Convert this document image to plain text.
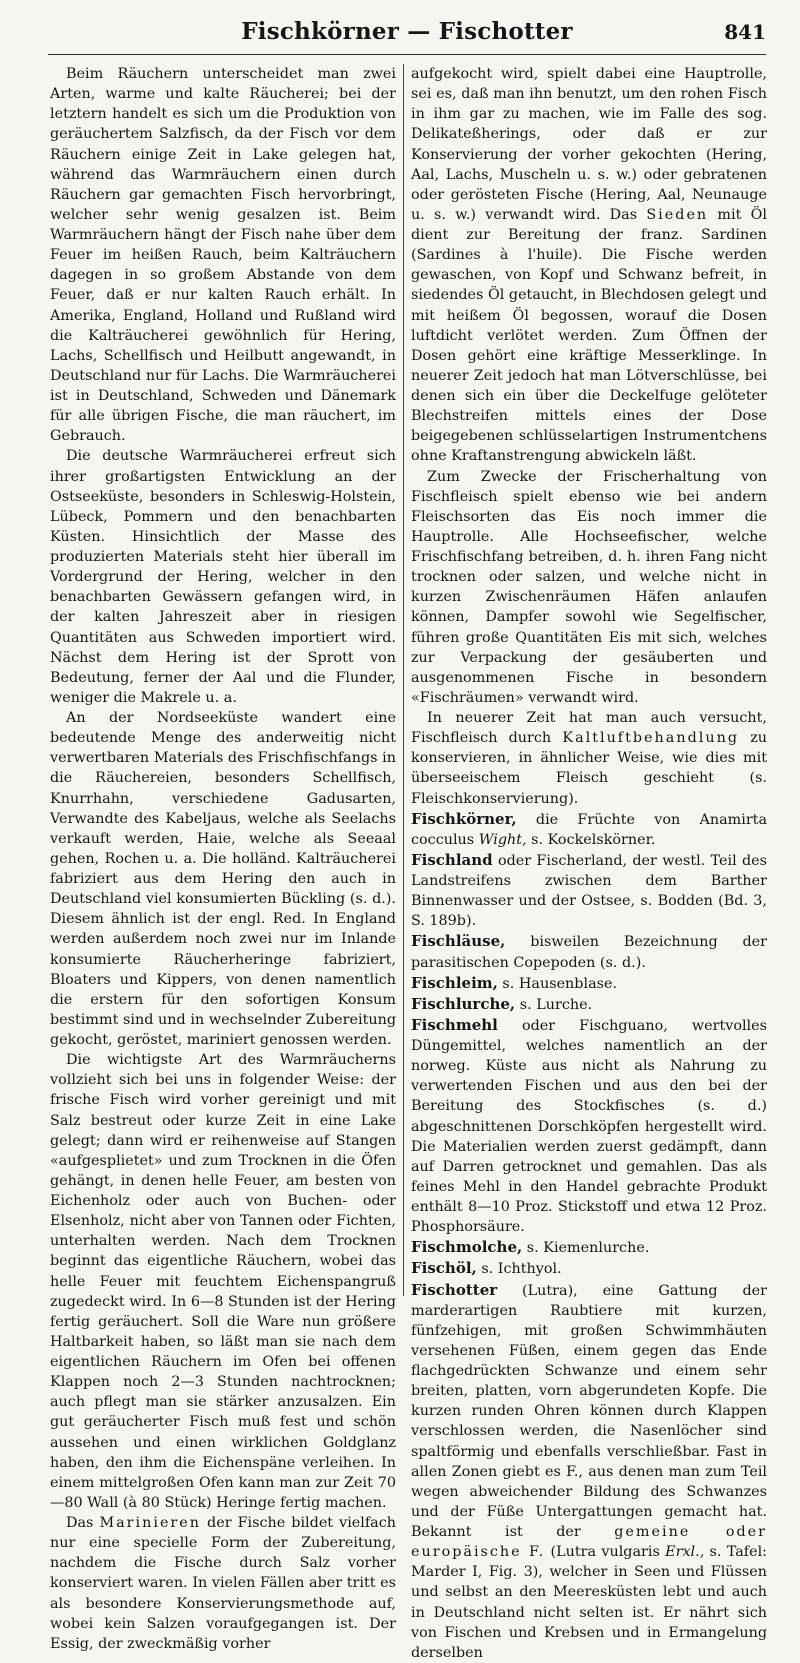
Fischkörner — Fischotter	841

Beim Räuchern unterscheidet man zwei Arten, warme und kalte Räucherei; bei der letztern handelt es sich um die Produktion von geräuchertem Salzfisch, da der Fisch vor dem Räuchern einige Zeit in Lake gelegen hat, während das Warmräuchern einen durch Räuchern gar gemachten Fisch hervorbringt, welcher sehr wenig gesalzen ist. Beim Warmräuchern hängt der Fisch nahe über dem Feuer im heißen Rauch, beim Kalträuchern dagegen in so großem Abstande von dem Feuer, daß er nur kalten Rauch erhält. In Amerika, England, Holland und Rußland wird die Kalträucherei gewöhnlich für Hering, Lachs, Schellfisch und Heilbutt angewandt, in Deutschland nur für Lachs. Die Warmräucherei ist in Deutschland, Schweden und Dänemark für alle übrigen Fische, die man räuchert, im Gebrauch.

Die deutsche Warmräucherei erfreut sich ihrer großartigsten Entwicklung an der Ostseeküste, besonders in Schleswig-Holstein, Lübeck, Pommern und den benachbarten Küsten. Hinsichtlich der Masse des produzierten Materials steht hier überall im Vordergrund der Hering, welcher in den benachbarten Gewässern gefangen wird, in der kalten Jahreszeit aber in riesigen Quantitäten aus Schweden importiert wird. Nächst dem Hering ist der Sprott von Bedeutung, ferner der Aal und die Flunder, weniger die Makrele u. a.

An der Nordseeküste wandert eine bedeutende Menge des anderweitig nicht verwertbaren Materials des Frischfischfangs in die Räuchereien, besonders Schellfisch, Knurrhahn, verschiedene Gadusarten, Verwandte des Kabeljaus, welche als Seelachs verkauft werden, Haie, welche als Seeaal gehen, Rochen u. a. Die holländ. Kalträucherei fabriziert aus dem Hering den auch in Deutschland viel konsumierten Bückling (s. d.). Diesem ähnlich ist der engl. Red. In England werden außerdem noch zwei nur im Inlande konsumierte Räucherheringe fabriziert, Bloaters und Kippers, von denen namentlich die erstern für den sofortigen Konsum bestimmt sind und in wechselnder Zubereitung gekocht, geröstet, mariniert genossen werden.

Die wichtigste Art des Warmräucherns vollzieht sich bei uns in folgender Weise: der frische Fisch wird vorher gereinigt und mit Salz bestreut oder kurze Zeit in eine Lake gelegt; dann wird er reihenweise auf Stangen «aufgesplietet» und zum Trocknen in die Öfen gehängt, in denen helle Feuer, am besten von Eichenholz oder auch von Buchen- oder Elsenholz, nicht aber von Tannen oder Fichten, unterhalten werden. Nach dem Trocknen beginnt das eigentliche Räuchern, wobei das helle Feuer mit feuchtem Eichenspangruß zugedeckt wird. In 6—8 Stunden ist der Hering fertig geräuchert. Soll die Ware nun größere Haltbarkeit haben, so läßt man sie nach dem eigentlichen Räuchern im Ofen bei offenen Klappen noch 2—3 Stunden nachtrocknen; auch pflegt man sie stärker anzusalzen. Ein gut geräucherter Fisch muß fest und schön aussehen und einen wirklichen Goldglanz haben, den ihm die Eichenspäne verleihen. In einem mittelgroßen Ofen kann man zur Zeit 70—80 Wall (à 80 Stück) Heringe fertig machen.

Das Marinieren der Fische bildet vielfach nur eine specielle Form der Zubereitung, nachdem die Fische durch Salz vorher konserviert waren. In vielen Fällen aber tritt es als besondere Konservierungsmethode auf, wobei kein Salzen voraufgegangen ist. Der Essig, der zweckmäßig vorher

aufgekocht wird, spielt dabei eine Hauptrolle, sei es, daß man ihn benutzt, um den rohen Fisch in ihm gar zu machen, wie im Falle des sog. Delikateßherings, oder daß er zur Konservierung der vorher gekochten (Hering, Aal, Lachs, Muscheln u. s. w.) oder gebratenen oder gerösteten Fische (Hering, Aal, Neunauge u. s. w.) verwandt wird. Das Sieden mit Öl dient zur Bereitung der franz. Sardinen (Sardines à l'huile). Die Fische werden gewaschen, von Kopf und Schwanz befreit, in siedendes Öl getaucht, in Blechdosen gelegt und mit heißem Öl begossen, worauf die Dosen luftdicht verlötet werden. Zum Öffnen der Dosen gehört eine kräftige Messerklinge. In neuerer Zeit jedoch hat man Lötverschlüsse, bei denen sich ein über die Deckelfuge gelöteter Blechstreifen mittels eines der Dose beigegebenen schlüsselartigen Instrumentchens ohne Kraftanstrengung abwickeln läßt.

Zum Zwecke der Frischerhaltung von Fischfleisch spielt ebenso wie bei andern Fleischsorten das Eis noch immer die Hauptrolle. Alle Hochseefischer, welche Frischfischfang betreiben, d. h. ihren Fang nicht trocknen oder salzen, und welche nicht in kurzen Zwischenräumen Häfen anlaufen können, Dampfer sowohl wie Segelfischer, führen große Quantitäten Eis mit sich, welches zur Verpackung der gesäuberten und ausgenommenen Fische in besondern «Fischräumen» verwandt wird.

In neuerer Zeit hat man auch versucht, Fischfleisch durch Kaltluftbehandlung zu konservieren, in ähnlicher Weise, wie dies mit überseeischem Fleisch geschieht (s. Fleischkonservierung).

Fischkörner, die Früchte von Anamirta cocculus Wight, s. Kockelskörner.

Fischland oder Fischerland, der westl. Teil des Landstreifens zwischen dem Barther Binnenwasser und der Ostsee, s. Bodden (Bd. 3, S. 189b).

Fischläuse, bisweilen Bezeichnung der parasitischen Copepoden (s. d.).

Fischleim, s. Hausenblase.

Fischlurche, s. Lurche.

Fischmehl oder Fischguano, wertvolles Düngemittel, welches namentlich an der norweg. Küste aus nicht als Nahrung zu verwertenden Fischen und aus den bei der Bereitung des Stockfisches (s. d.) abgeschnittenen Dorschköpfen hergestellt wird. Die Materialien werden zuerst gedämpft, dann auf Darren getrocknet und gemahlen. Das als feines Mehl in den Handel gebrachte Produkt enthält 8—10 Proz. Stickstoff und etwa 12 Proz. Phosphorsäure.

Fischmolche, s. Kiemenlurche.

Fischöl, s. Ichthyol.

Fischotter (Lutra), eine Gattung der marderartigen Raubtiere mit kurzen, fünfzehigen, mit großen Schwimmhäuten versehenen Füßen, einem gegen das Ende flachgedrückten Schwanze und einem sehr breiten, platten, vorn abgerundeten Kopfe. Die kurzen runden Ohren können durch Klappen verschlossen werden, die Nasenlöcher sind spaltförmig und ebenfalls verschließbar. Fast in allen Zonen giebt es F., aus denen man zum Teil wegen abweichender Bildung des Schwanzes und der Füße Untergattungen gemacht hat. Bekannt ist der gemeine oder europäische F. (Lutra vulgaris Erxl., s. Tafel: Marder I, Fig. 3), welcher in Seen und Flüssen und selbst an den Meeresküsten lebt und auch in Deutschland nicht selten ist. Er nährt sich von Fischen und Krebsen und in Ermangelung derselben
